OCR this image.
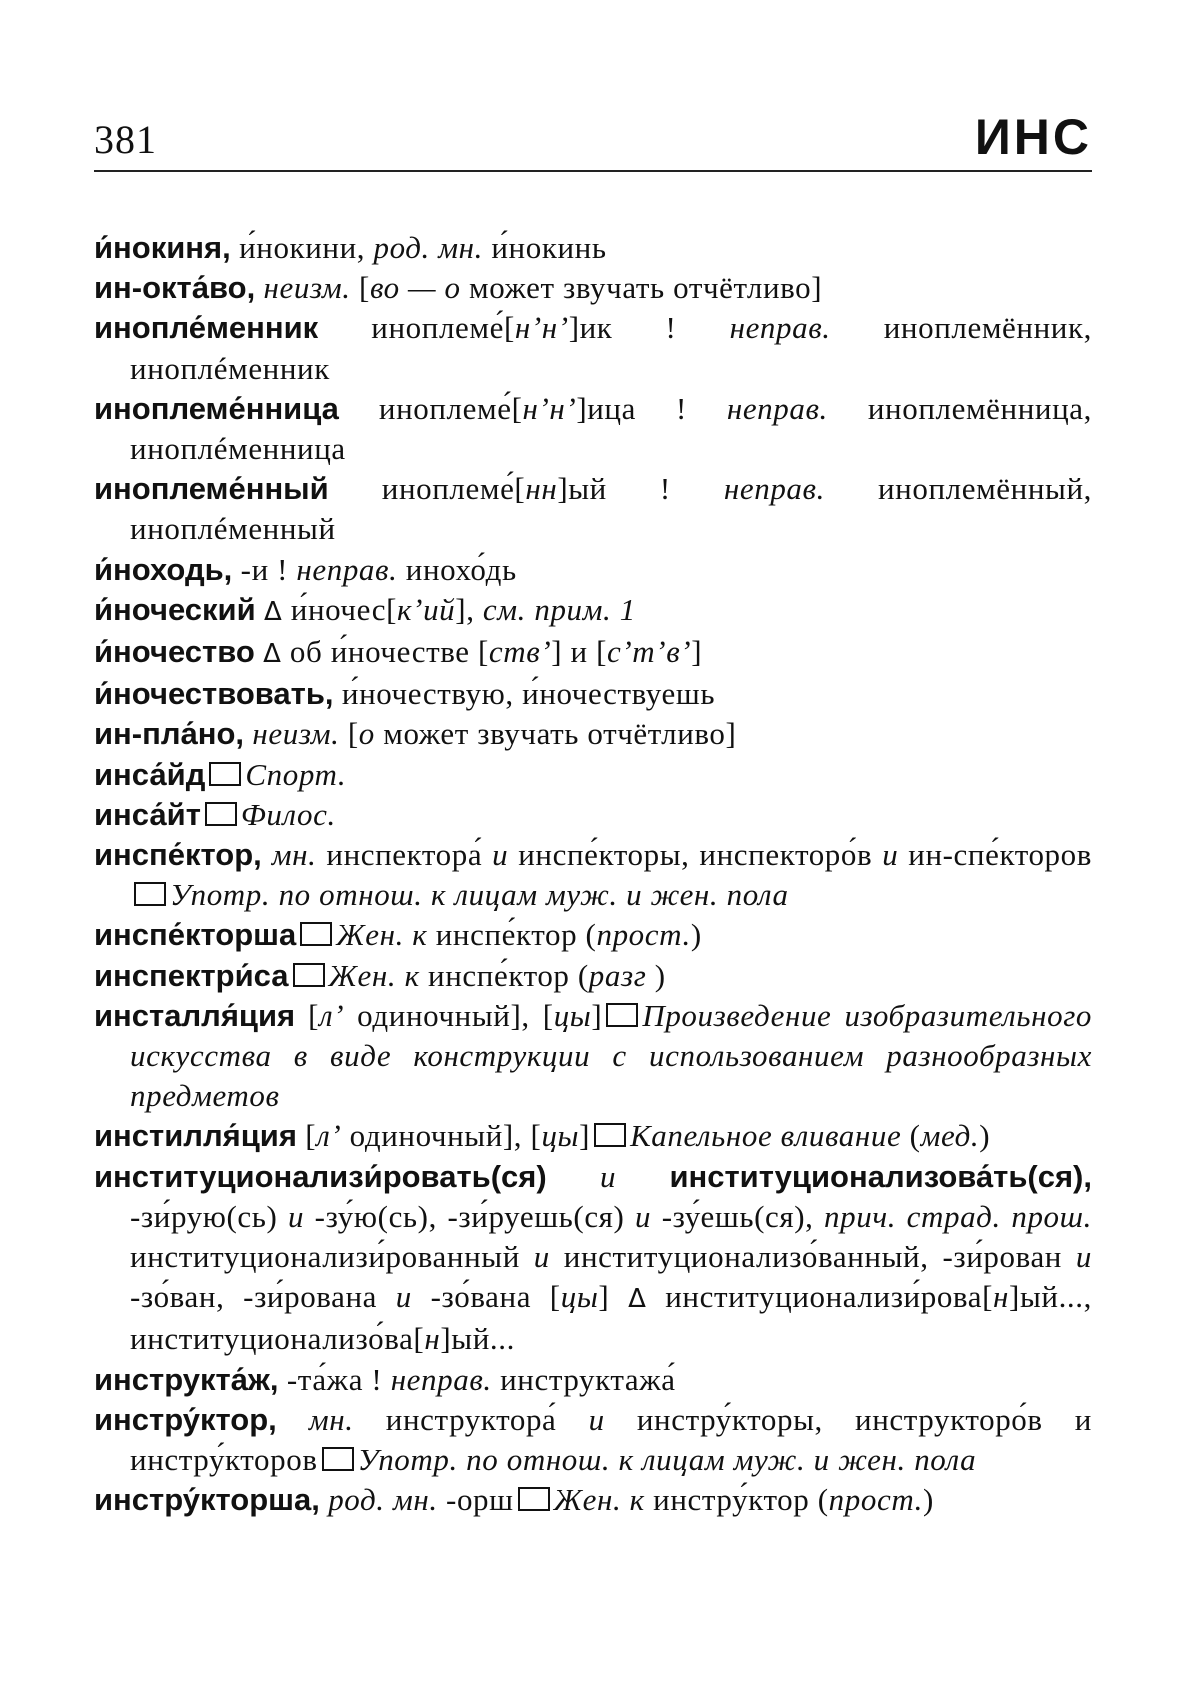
381	ИНС
и́нокиня, и́нокини, род. мн. и́нокинь
ин-окта́во, неизм. [во — о может звучать отчётливо]
инопле́менник иноплеме́[нʼнʼ]ик ! неправ. иноплемённик, иноплéменник
иноплеме́нница иноплеме́[нʼнʼ]ица ! неправ. иноплемённица, иноплéменница
иноплеме́нный иноплеме́[нн]ый ! неправ. иноплемённый, иноплéменный
и́ноходь, -и ! неправ. инохо́дь
и́ноческий Δ и́ночес[кʼий], см. прим. 1
и́ночество Δ об и́ночестве [ствʼ] и [сʼтʼвʼ]
и́ночествовать, и́ночествую, и́ночествуешь
ин-пла́но, неизм. [о может звучать отчётливо]
инса́йд Спорт.
инса́йт Филос.
инспе́ктор, мн. инспектора́ и инспе́кторы, инспекторо́в и ин-спе́кторовУпотр. по отнош. к лицам муж. и жен. пола
инспе́кторша Жен. к инспе́ктор (прост.)
инспектри́са Жен. к инспе́ктор (разг )
инсталля́ция [лʼ одиночный], [цы] Произведение изобразительного искусства в виде конструкции с использованием разнообразных предметов
инстилля́ция [лʼ одиночный], [цы] Капельное вливание (мед.)
институционализи́ровать(ся) и институционализова́ть(ся), -зи́рую(сь) и -зу́ю(сь), -зи́руешь(ся) и -зу́ешь(ся), прич. страд. прош. институционализи́рованный и институционализо́ванный, -зи́рован и -зо́ван, -зи́рована и -зо́вана [цы] Δ институционализи́рова[н]ый..., институционализо́ва[н]ый...
инструкта́ж, -та́жа ! неправ. инструктажа́
инстру́ктор, мн. инструктора́ и инстру́кторы, инструкторо́в и инстру́кторов Употр. по отнош. к лицам муж. и жен. пола
инстру́кторша, род. мн. -орш Жен. к инстру́ктор (прост.)
